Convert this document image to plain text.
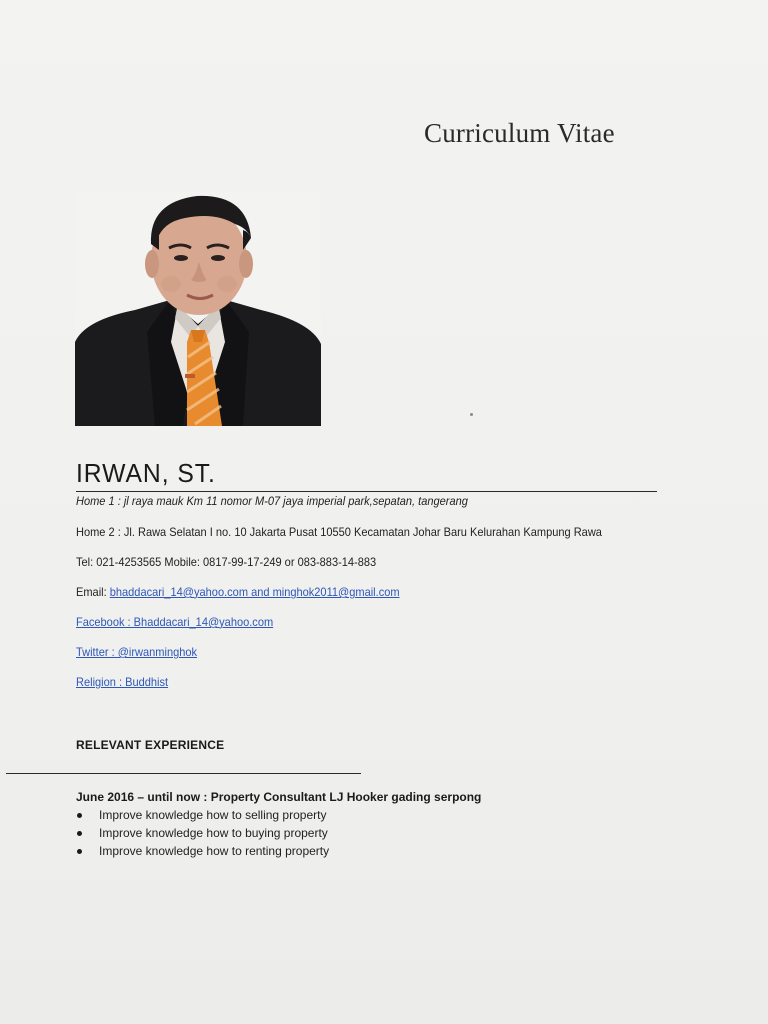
Curriculum Vitae
IRWAN, ST.
Home 1 : jl raya mauk Km 11 nomor M-07 jaya imperial park,sepatan, tangerang
Home 2 : Jl. Rawa Selatan I no. 10 Jakarta Pusat 10550 Kecamatan Johar Baru Kelurahan Kampung Rawa
Tel: 021-4253565 Mobile: 0817-99-17-249 or 083-883-14-883
Email: bhaddacari_14@yahoo.com and minghok2011@gmail.com
Facebook : Bhaddacari_14@yahoo.com
Twitter : @irwanminghok
Religion : Buddhist
RELEVANT EXPERIENCE
June 2016 – until now : Property Consultant LJ Hooker gading serpong
Improve knowledge how to selling property
Improve knowledge how to buying property
Improve knowledge how to renting property
